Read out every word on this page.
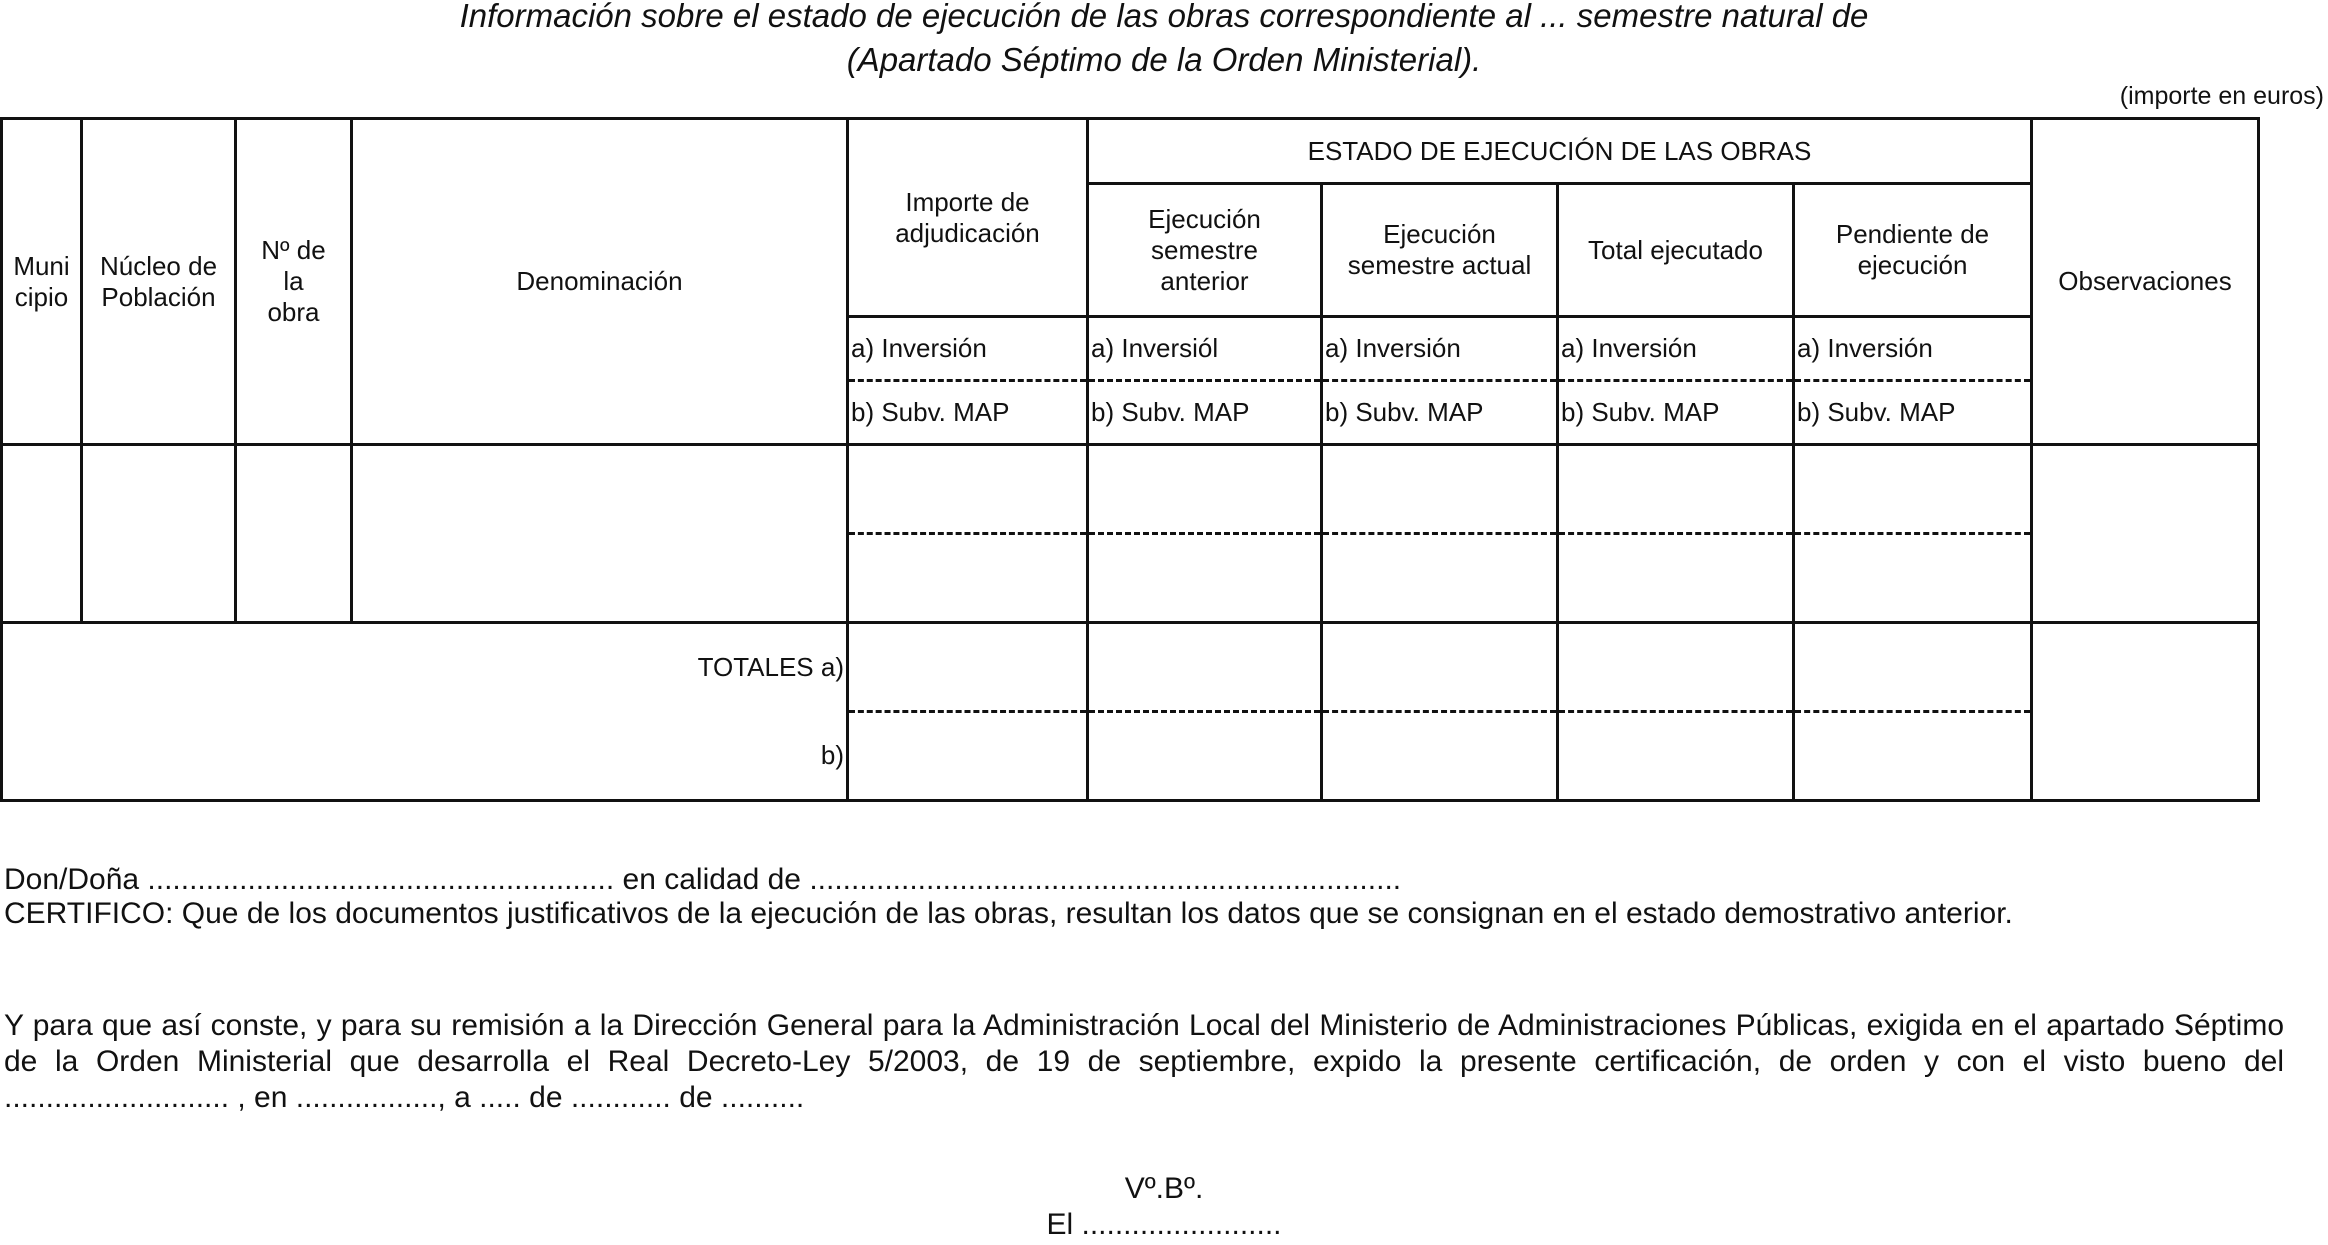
Información sobre el estado de ejecución de las obras correspondiente al ... semestre natural de
(Apartado Séptimo de la Orden Ministerial).
(importe en euros)
Muni cipio	Núcleo de Población	Nº de la obra	Denominación	Importe de adjudicación	ESTADO DE EJECUCIÓN DE LAS OBRAS				Observaciones
					Ejecución semestre anterior	Ejecución semestre actual	Total ejecutado	Pendiente de ejecución	
				a) Inversión	a) Inversiól	a) Inversión	a) Inversión	a) Inversión	
				b) Subv. MAP	b) Subv. MAP	b) Subv. MAP	b) Subv. MAP	b) Subv. MAP	

TOTALES a)									
b)									
Don/Doña ........................................................ en calidad de .......................................................................
CERTIFICO: Que de los documentos justificativos de la ejecución de las obras, resultan los datos que se consignan en el estado demostrativo anterior.
Y para que así conste, y para su remisión a la Dirección General para la Administración Local del Ministerio de Administraciones Públicas, exigida en el apartado Séptimo de la Orden Ministerial que desarrolla el Real Decreto-Ley 5/2003, de 19 de septiembre, expido la presente certificación, de orden y con el visto bueno del ........................... , en ................., a ..... de ............ de ..........
Vº.Bº.
El ........................
